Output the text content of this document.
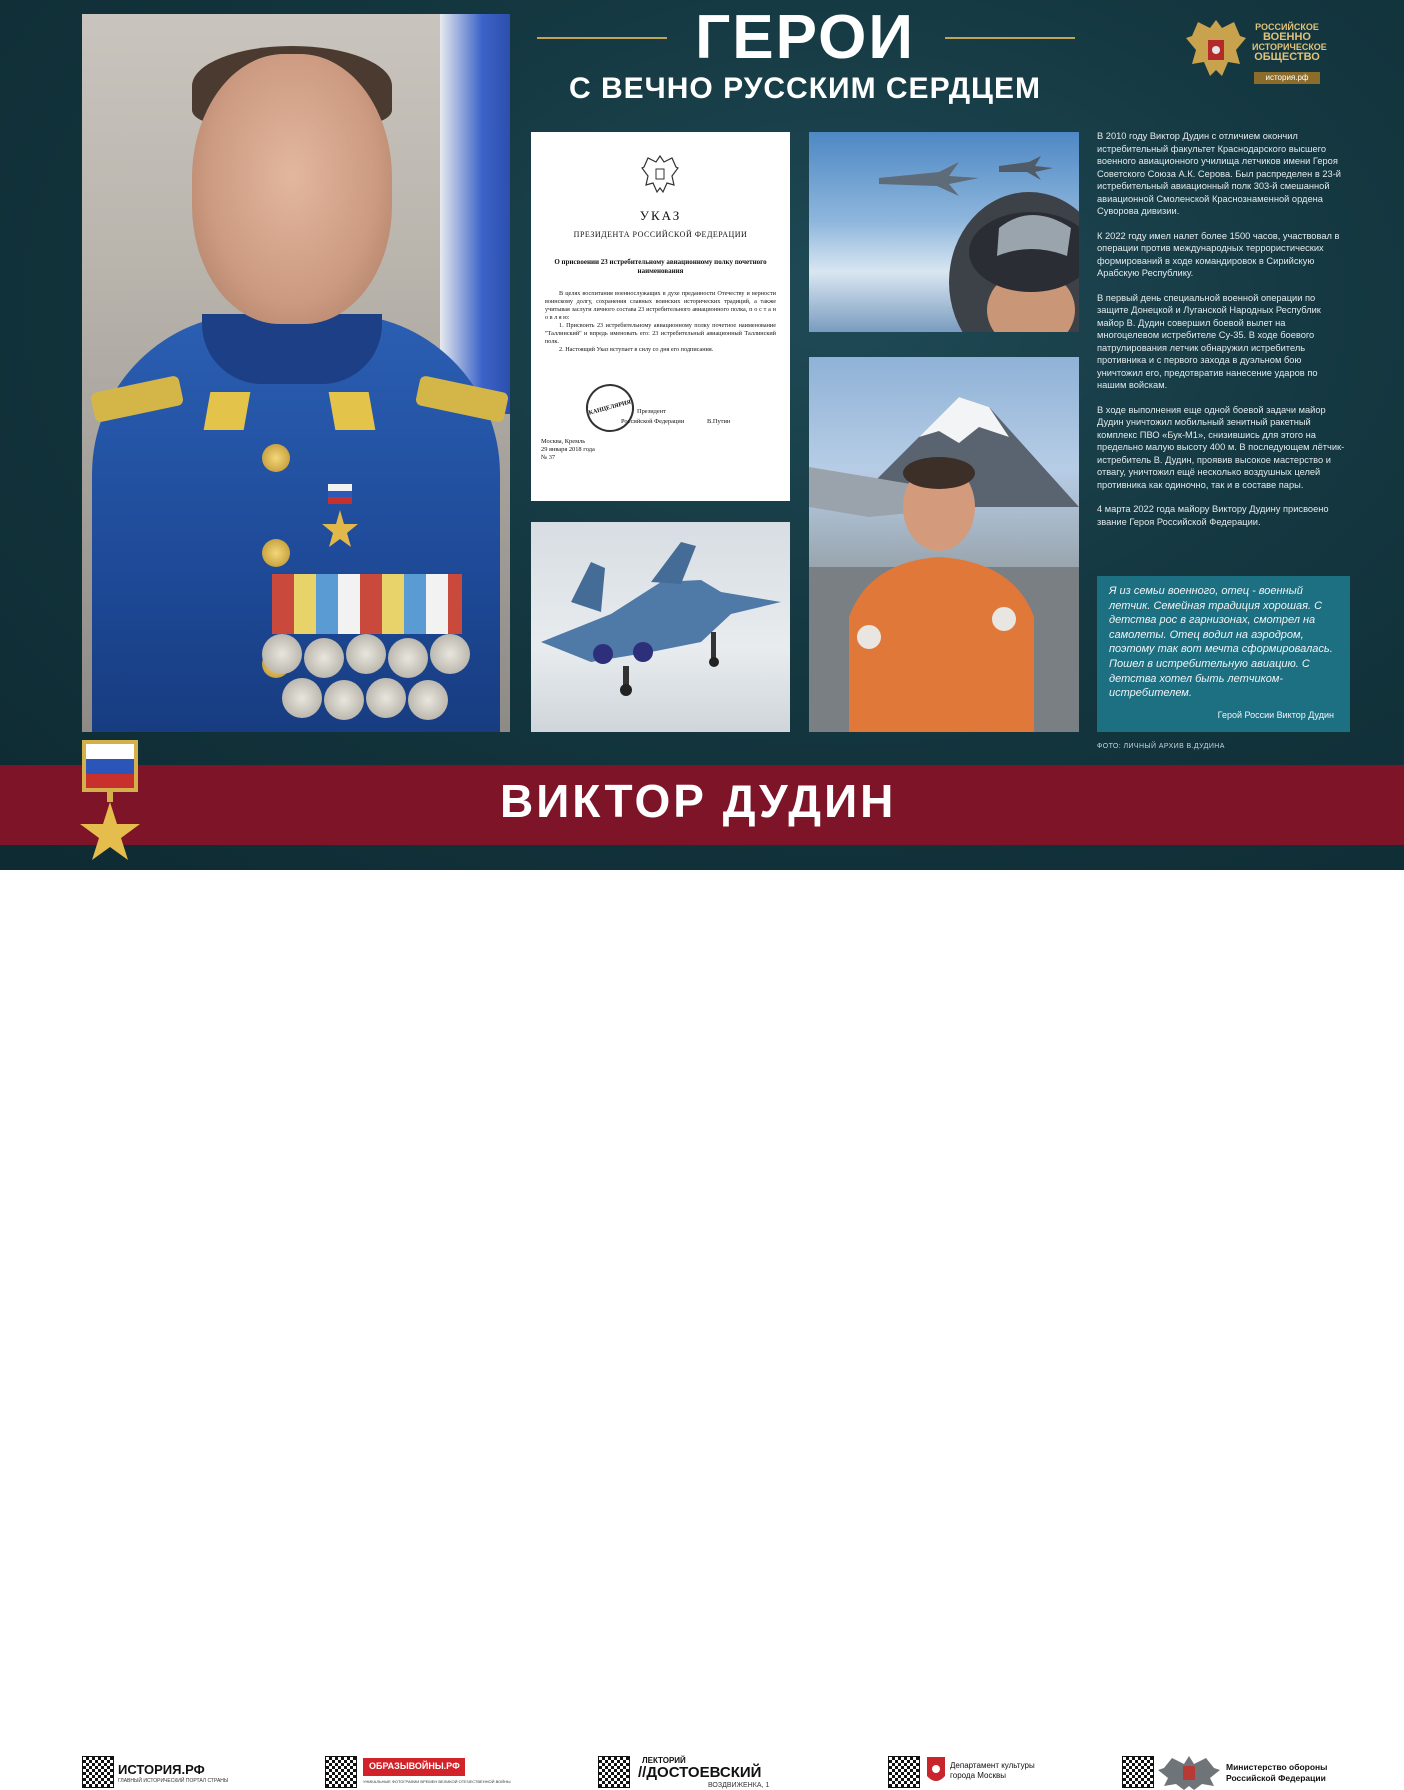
ГЕРОИ
С ВЕЧНО РУССКИМ СЕРДЦЕМ
РОССИЙСКОЕ
ВОЕННО
ИСТОРИЧЕСКОЕ
ОБЩЕСТВО
история.рф
УКАЗ
ПРЕЗИДЕНТА РОССИЙСКОЙ ФЕДЕРАЦИИ
О присвоении 23 истребительному авиационному полку почетного наименования
В целях воспитания военнослужащих в духе преданности Отечеству и верности воинскому долгу, сохранения славных воинских исторических традиций, а также учитывая заслуги личного состава 23 истребительного авиационного полка, п о с т а н о в л я ю:
1. Присвоить 23 истребительному авиационному полку почетное наименование "Таллинский" и впредь именовать его: 23 истребительный авиационный Таллинский полк.
2. Настоящий Указ вступает в силу со дня его подписания.
КАНЦЕЛЯРИЯ Президент
Российской Федерации	В.Путин
Москва, Кремль
29 января 2018 года
№ 37

В 2010 году Виктор Дудин с отличием окончил истребительный факультет Краснодарского высшего военного авиационного училища летчиков имени Героя Советского Союза А.К. Серова. Был распределен в 23-й истребительный авиационный полк 303-й смешанной авиационной Смоленской Краснознаменной ордена Суворова дивизии.

К 2022 году имел налет более 1500 часов, участвовал в операции против международных террористических формирований в ходе командировок в Сирийскую Арабскую Республику.

В первый день специальной военной операции по защите Донецкой и Луганской Народных Республик майор В. Дудин совершил боевой вылет на многоцелевом истребителе Су-35. В ходе боевого патрулирования летчик обнаружил истребитель противника и с первого захода в дуэльном бою уничтожил его, предотвратив нанесение ударов по нашим войскам.

В ходе выполнения еще одной боевой задачи майор Дудин уничтожил мобильный зенитный ракетный комплекс ПВО «Бук-М1», снизившись для этого на предельно малую высоту 400 м. В последующем лётчик-истребитель В. Дудин, проявив высокое мастерство и отвагу, уничтожил ещё несколько воздушных целей противника как одиночно, так и в составе пары.

4 марта 2022 года майору Виктору Дудину присвоено звание Героя Российской Федерации.

Я из семьи военного, отец - военный летчик. Семейная традиция хорошая. С детства рос в гарнизонах, смотрел на самолеты. Отец водил на аэродром, поэтому так вот мечта сформировалась. Пошел в истребительную авиацию. С детства хотел быть летчиком-истребителем.
Герой России Виктор Дудин
ФОТО: ЛИЧНЫЙ АРХИВ В.ДУДИНА
ВИКТОР ДУДИН
ИСТОРИЯ.РФ
ГЛАВНЫЙ ИСТОРИЧЕСКИЙ ПОРТАЛ СТРАНЫ
ОБРАЗЫВОЙНЫ.РФ
УНИКАЛЬНЫЕ ФОТОГРАФИИ ВРЕМЕН ВЕЛИКОЙ ОТЕЧЕСТВЕННОЙ ВОЙНЫ
ЛЕКТОРИЙ
//ДОСТОЕВСКИЙ
ВОЗДВИЖЕНКА, 1
Департамент культуры
города Москвы
Министерство обороны
Российской Федерации
